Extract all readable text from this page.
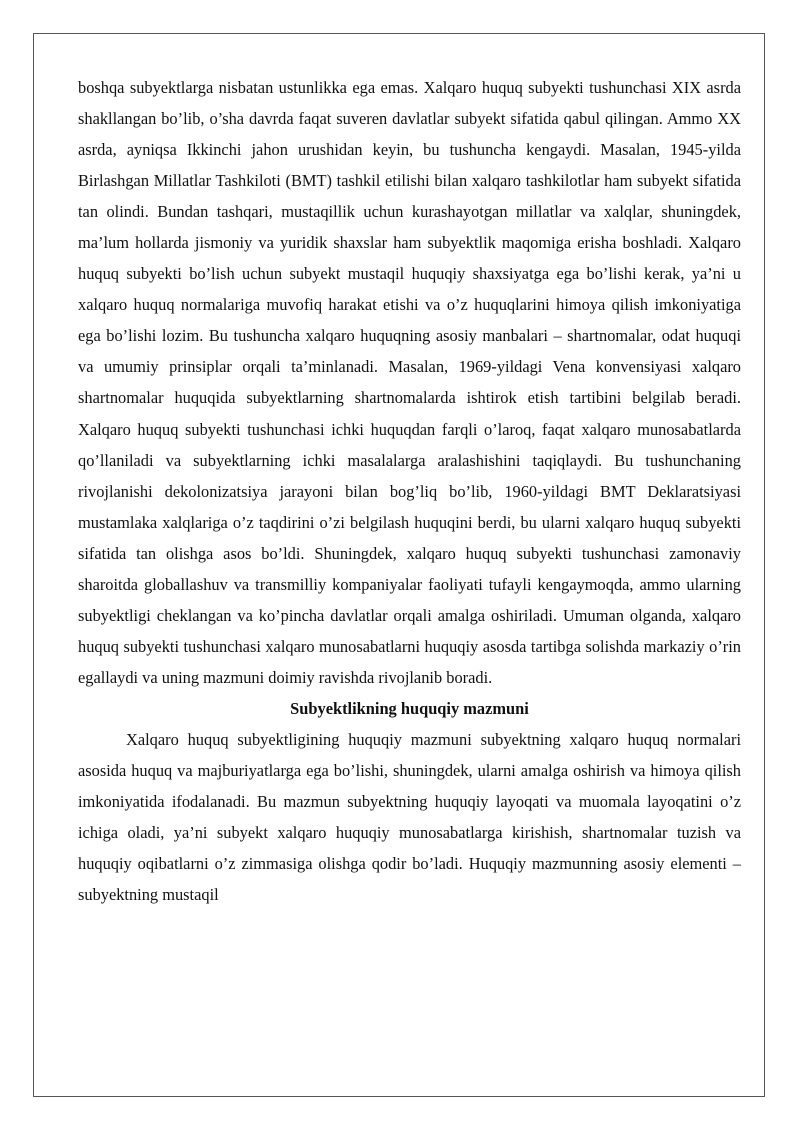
boshqa subyektlarga nisbatan ustunlikka ega emas. Xalqaro huquq subyekti tushunchasi XIX asrda shakllangan bo’lib, o’sha davrda faqat suveren davlatlar subyekt sifatida qabul qilingan. Ammo XX asrda, ayniqsa Ikkinchi jahon urushidan keyin, bu tushuncha kengaydi. Masalan, 1945-yilda Birlashgan Millatlar Tashkiloti (BMT) tashkil etilishi bilan xalqaro tashkilotlar ham subyekt sifatida tan olindi. Bundan tashqari, mustaqillik uchun kurashayotgan millatlar va xalqlar, shuningdek, ma’lum hollarda jismoniy va yuridik shaxslar ham subyektlik maqomiga erisha boshladi. Xalqaro huquq subyekti bo’lish uchun subyekt mustaqil huquqiy shaxsiyatga ega bo’lishi kerak, ya’ni u xalqaro huquq normalariga muvofiq harakat etishi va o’z huquqlarini himoya qilish imkoniyatiga ega bo’lishi lozim. Bu tushuncha xalqaro huquqning asosiy manbalari – shartnomalar, odat huquqi va umumiy prinsiplar orqali ta’minlanadi. Masalan, 1969-yildagi Vena konvensiyasi xalqaro shartnomalar huquqida subyektlarning shartnomalarda ishtirok etish tartibini belgilab beradi. Xalqaro huquq subyekti tushunchasi ichki huquqdan farqli o’laroq, faqat xalqaro munosabatlarda qo’llaniladi va subyektlarning ichki masalalarga aralashishini taqiqlaydi. Bu tushunchaning rivojlanishi dekolonizatsiya jarayoni bilan bog’liq bo’lib, 1960-yildagi BMT Deklaratsiyasi mustamlaka xalqlariga o’z taqdirini o’zi belgilash huquqini berdi, bu ularni xalqaro huquq subyekti sifatida tan olishga asos bo’ldi. Shuningdek, xalqaro huquq subyekti tushunchasi zamonaviy sharoitda globallashuv va transmilliy kompaniyalar faoliyati tufayli kengaymoqda, ammo ularning subyektligi cheklangan va ko’pincha davlatlar orqali amalga oshiriladi. Umuman olganda, xalqaro huquq subyekti tushunchasi xalqaro munosabatlarni huquqiy asosda tartibga solishda markaziy o’rin egallaydi va uning mazmuni doimiy ravishda rivojlanib boradi.

Subyektlikning huquqiy mazmuni

Xalqaro huquq subyektligining huquqiy mazmuni subyektning xalqaro huquq normalari asosida huquq va majburiyatlarga ega bo’lishi, shuningdek, ularni amalga oshirish va himoya qilish imkoniyatida ifodalanadi. Bu mazmun subyektning huquqiy layoqati va muomala layoqatini o’z ichiga oladi, ya’ni subyekt xalqaro huquqiy munosabatlarga kirishish, shartnomalar tuzish va huquqiy oqibatlarni o’z zimmasiga olishga qodir bo’ladi. Huquqiy mazmunning asosiy elementi – subyektning mustaqil
